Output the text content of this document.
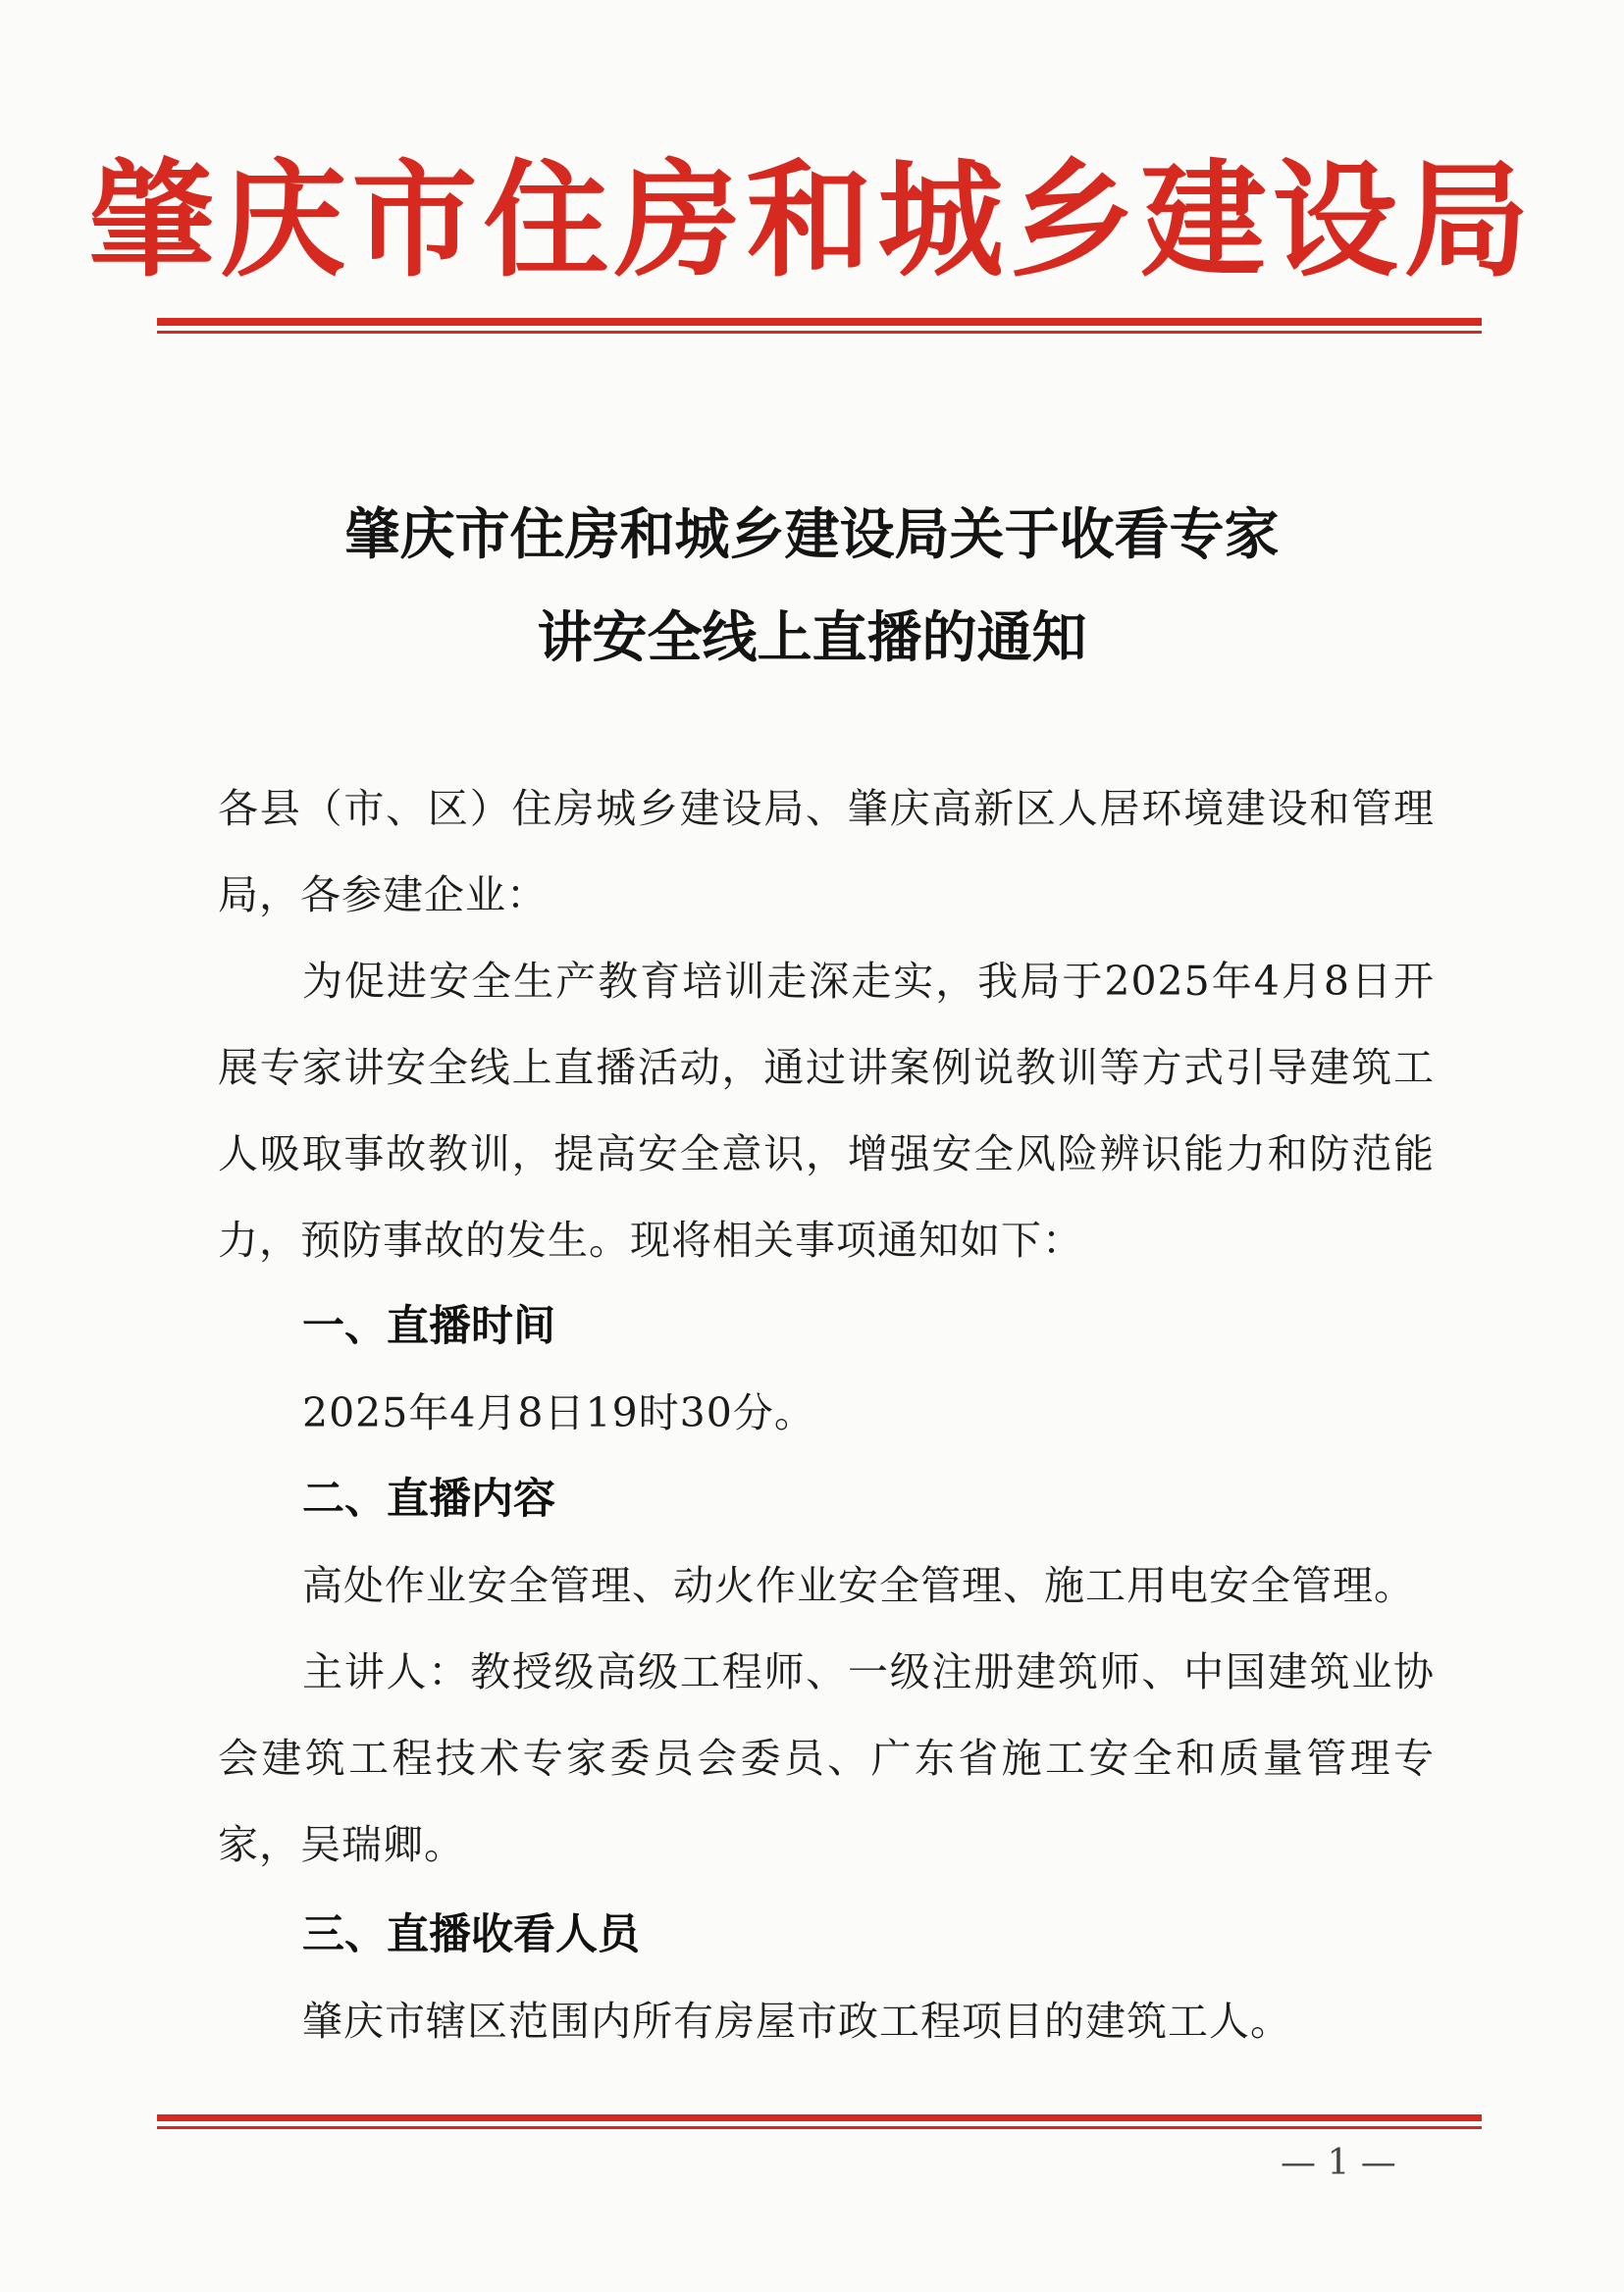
肇庆市住房和城乡建设局
肇庆市住房和城乡建设局关于收看专家
讲安全线上直播的通知
各县（市、区）住房城乡建设局、肇庆高新区人居环境建设和管理局，各参建企业：
为促进安全生产教育培训走深走实，我局于2025年4月8日开展专家讲安全线上直播活动，通过讲案例说教训等方式引导建筑工人吸取事故教训，提高安全意识，增强安全风险辨识能力和防范能力，预防事故的发生。现将相关事项通知如下：
一、直播时间
2025年4月8日19时30分。
二、直播内容
高处作业安全管理、动火作业安全管理、施工用电安全管理。
主讲人：教授级高级工程师、一级注册建筑师、中国建筑业协会建筑工程技术专家委员会委员、广东省施工安全和质量管理专家，吴瑞卿。
三、直播收看人员
肇庆市辖区范围内所有房屋市政工程项目的建筑工人。
— 1 —
